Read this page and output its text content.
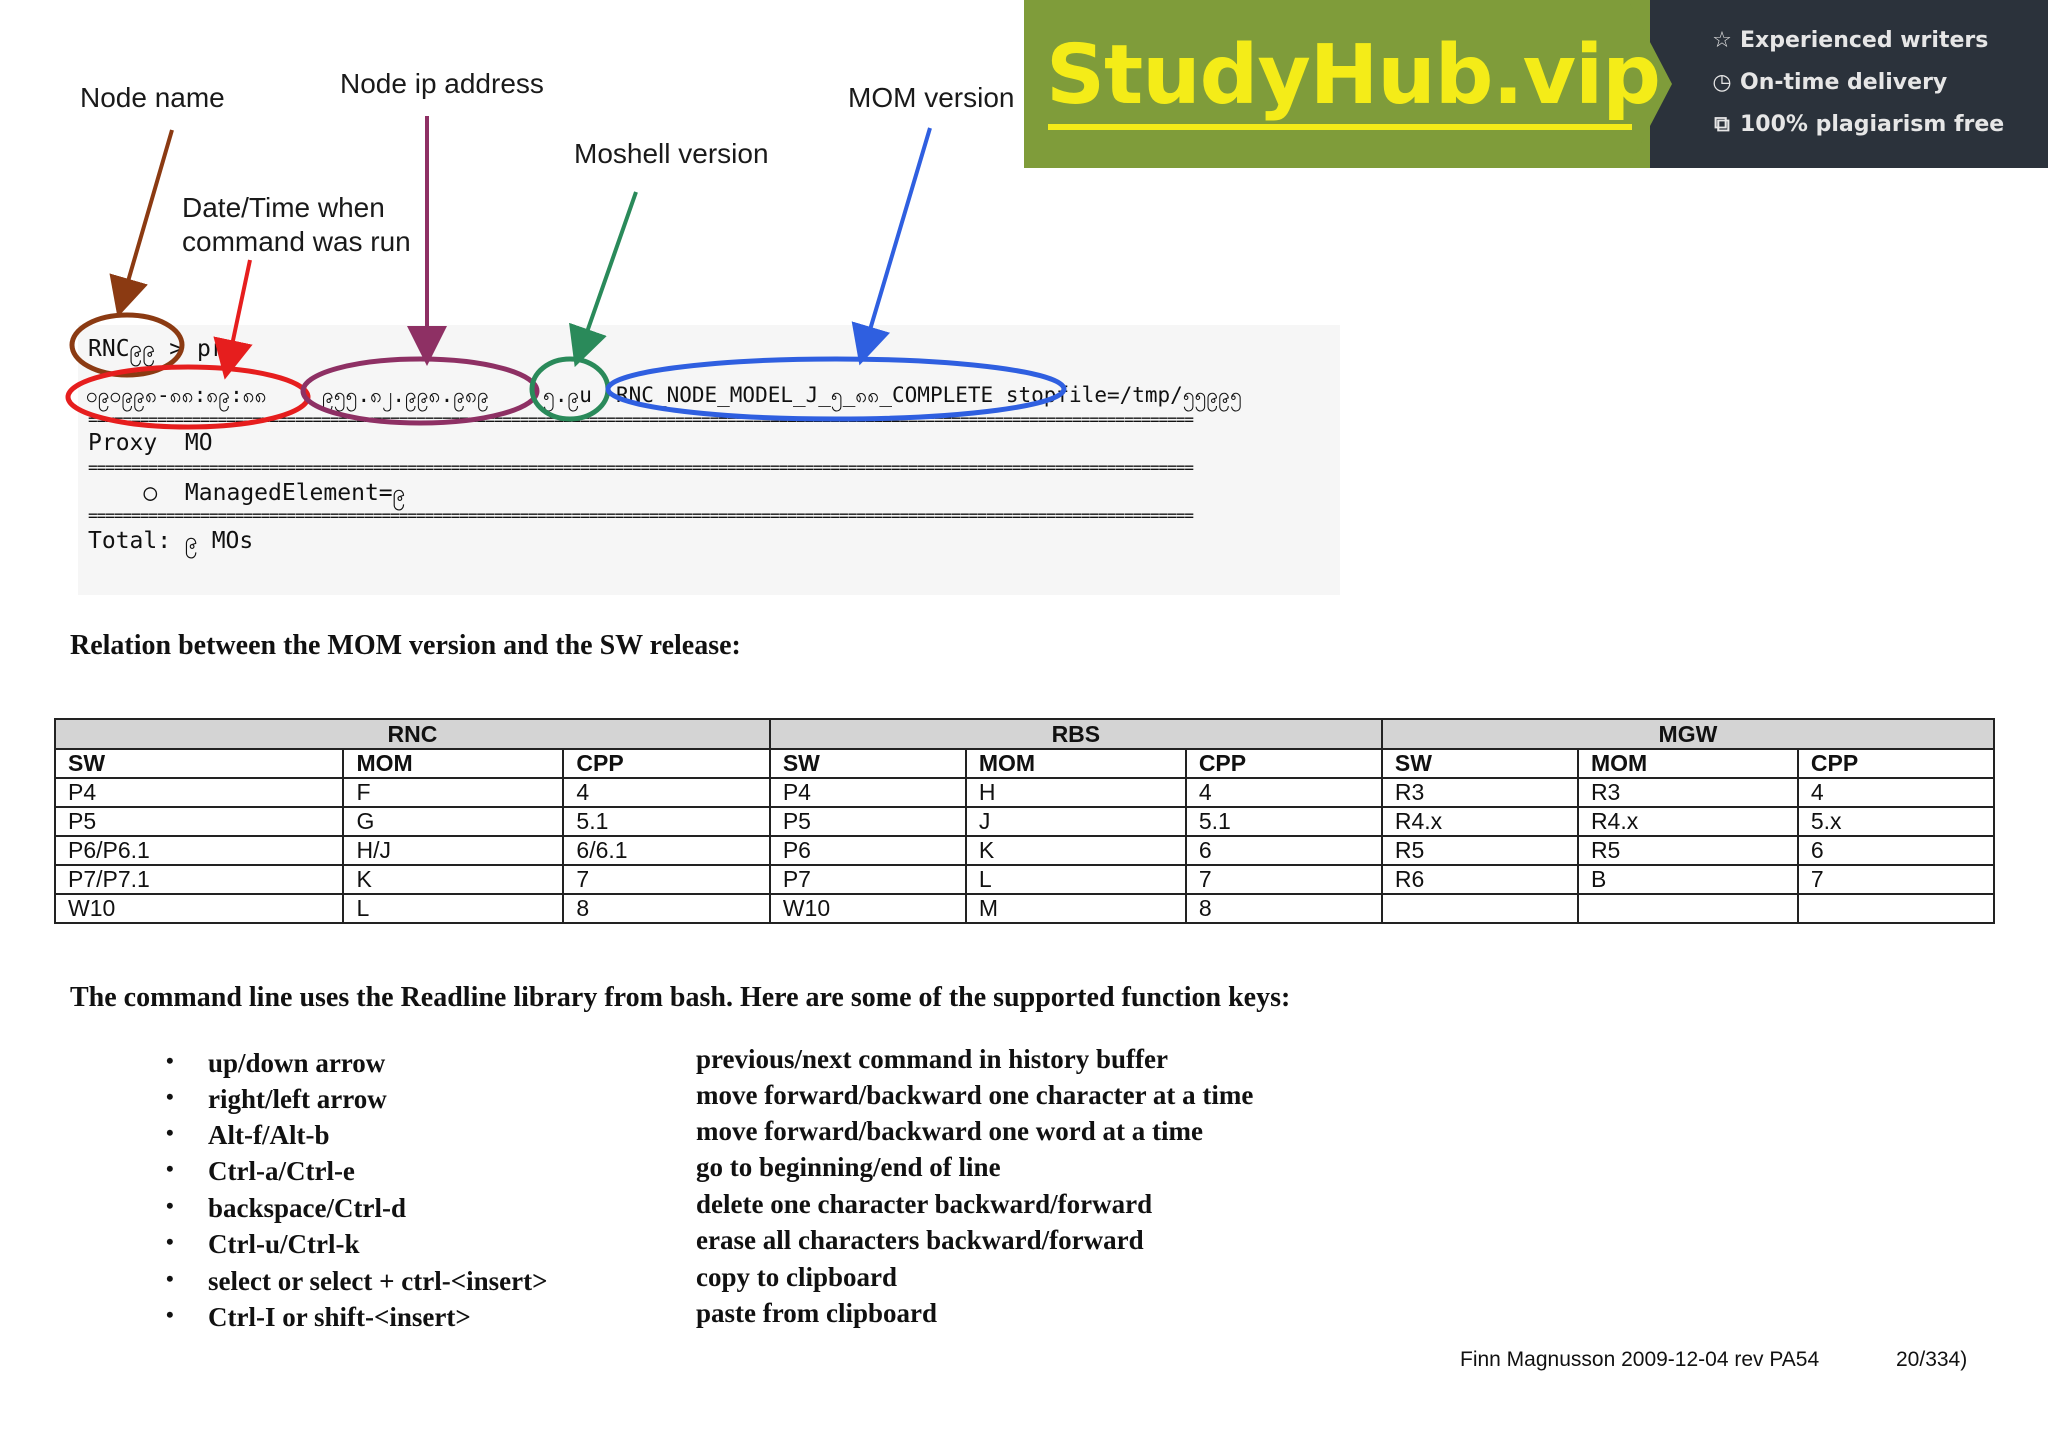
Node name	Node ip address	MOM version
Moshell version
Date/Time when
command was run
RNC၉၉ > pr
၀၉၀၉၉၈-၈၈:၈၉:၈၈	၉၅၅.၈၂.၉၉၈.၉၈၉	၅.၉u RNC_NODE_MODEL_J_၅_၈၈_COMPLETE stopfile=/tmp/၅၅၉၉၅
================================================================================================================================
Proxy  MO
================================================================================================================================
○  ManagedElement=၉
================================================================================================================================
Total: ၉ MOs
StudyHub.vip ☆ Experienced writers
◷ On-time delivery
⧉ 100% plagiarism free
Relation between the MOM version and the SW release:
RNC			RBS			MGW		
SW	MOM	CPP	SW	MOM	CPP	SW	MOM	CPP
P4	F	4	P4	H	4	R3	R3	4
P5	G	5.1	P5	J	5.1	R4.x	R4.x	5.x
P6/P6.1	H/J	6/6.1	P6	K	6	R5	R5	6
P7/P7.1	K	7	P7	L	7	R6	B	7
W10	L	8	W10	M	8			
The command line uses the Readline library from bash. Here are some of the supported function keys:
• up/down arrow	previous/next command in history buffer
• right/left arrow	move forward/backward one character at a time
• Alt-f/Alt-b	move forward/backward one word at a time
• Ctrl-a/Ctrl-e	go to beginning/end of line
• backspace/Ctrl-d	delete one character backward/forward
• Ctrl-u/Ctrl-k	erase all characters backward/forward
• select or select + ctrl-<insert>	copy to clipboard
• Ctrl-I or shift-<insert>	paste from clipboard
Finn Magnusson 2009-12-04 rev PA54	20/334)
